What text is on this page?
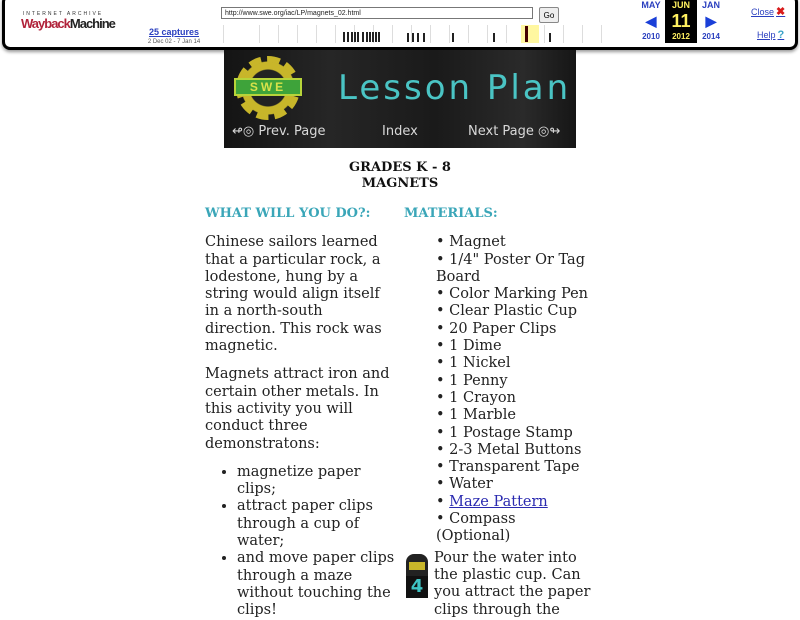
INTERNET ARCHIVE
WaybackMachine
25 captures
2 Dec 02 - 7 Jan 14
http://www.swe.org/iac/LP/magnets_02.html	Go
MAY
◀
2010
JUN
11
2012
JAN
▶
2014
Close ✖
Help ?
SWE	Lesson Plan
↫◎ Prev. Page	Index	Next Page ◎↬
GRADES K - 8
MAGNETS
WHAT WILL YOU DO?:

Chinese sailors learned that a particular rock, a lodestone, hung by a string would align itself in a north-south direction. This rock was magnetic.

Magnets attract iron and certain other metals. In this activity you will conduct three demonstratons:

• magnetize paper clips;
• attract paper clips through a cup of water;
• and move paper clips through a maze without touching the clips!
MATERIALS:
• Magnet
• 1/4" Poster Or Tag Board
• Color Marking Pen
• Clear Plastic Cup
• 20 Paper Clips
• 1 Dime
• 1 Nickel
• 1 Penny
• 1 Crayon
• 1 Marble
• 1 Postage Stamp
• 2-3 Metal Buttons
• Transparent Tape
• Water
• Maze Pattern
• Compass (Optional)
4
Pour the water into the plastic cup. Can you attract the paper clips through the
